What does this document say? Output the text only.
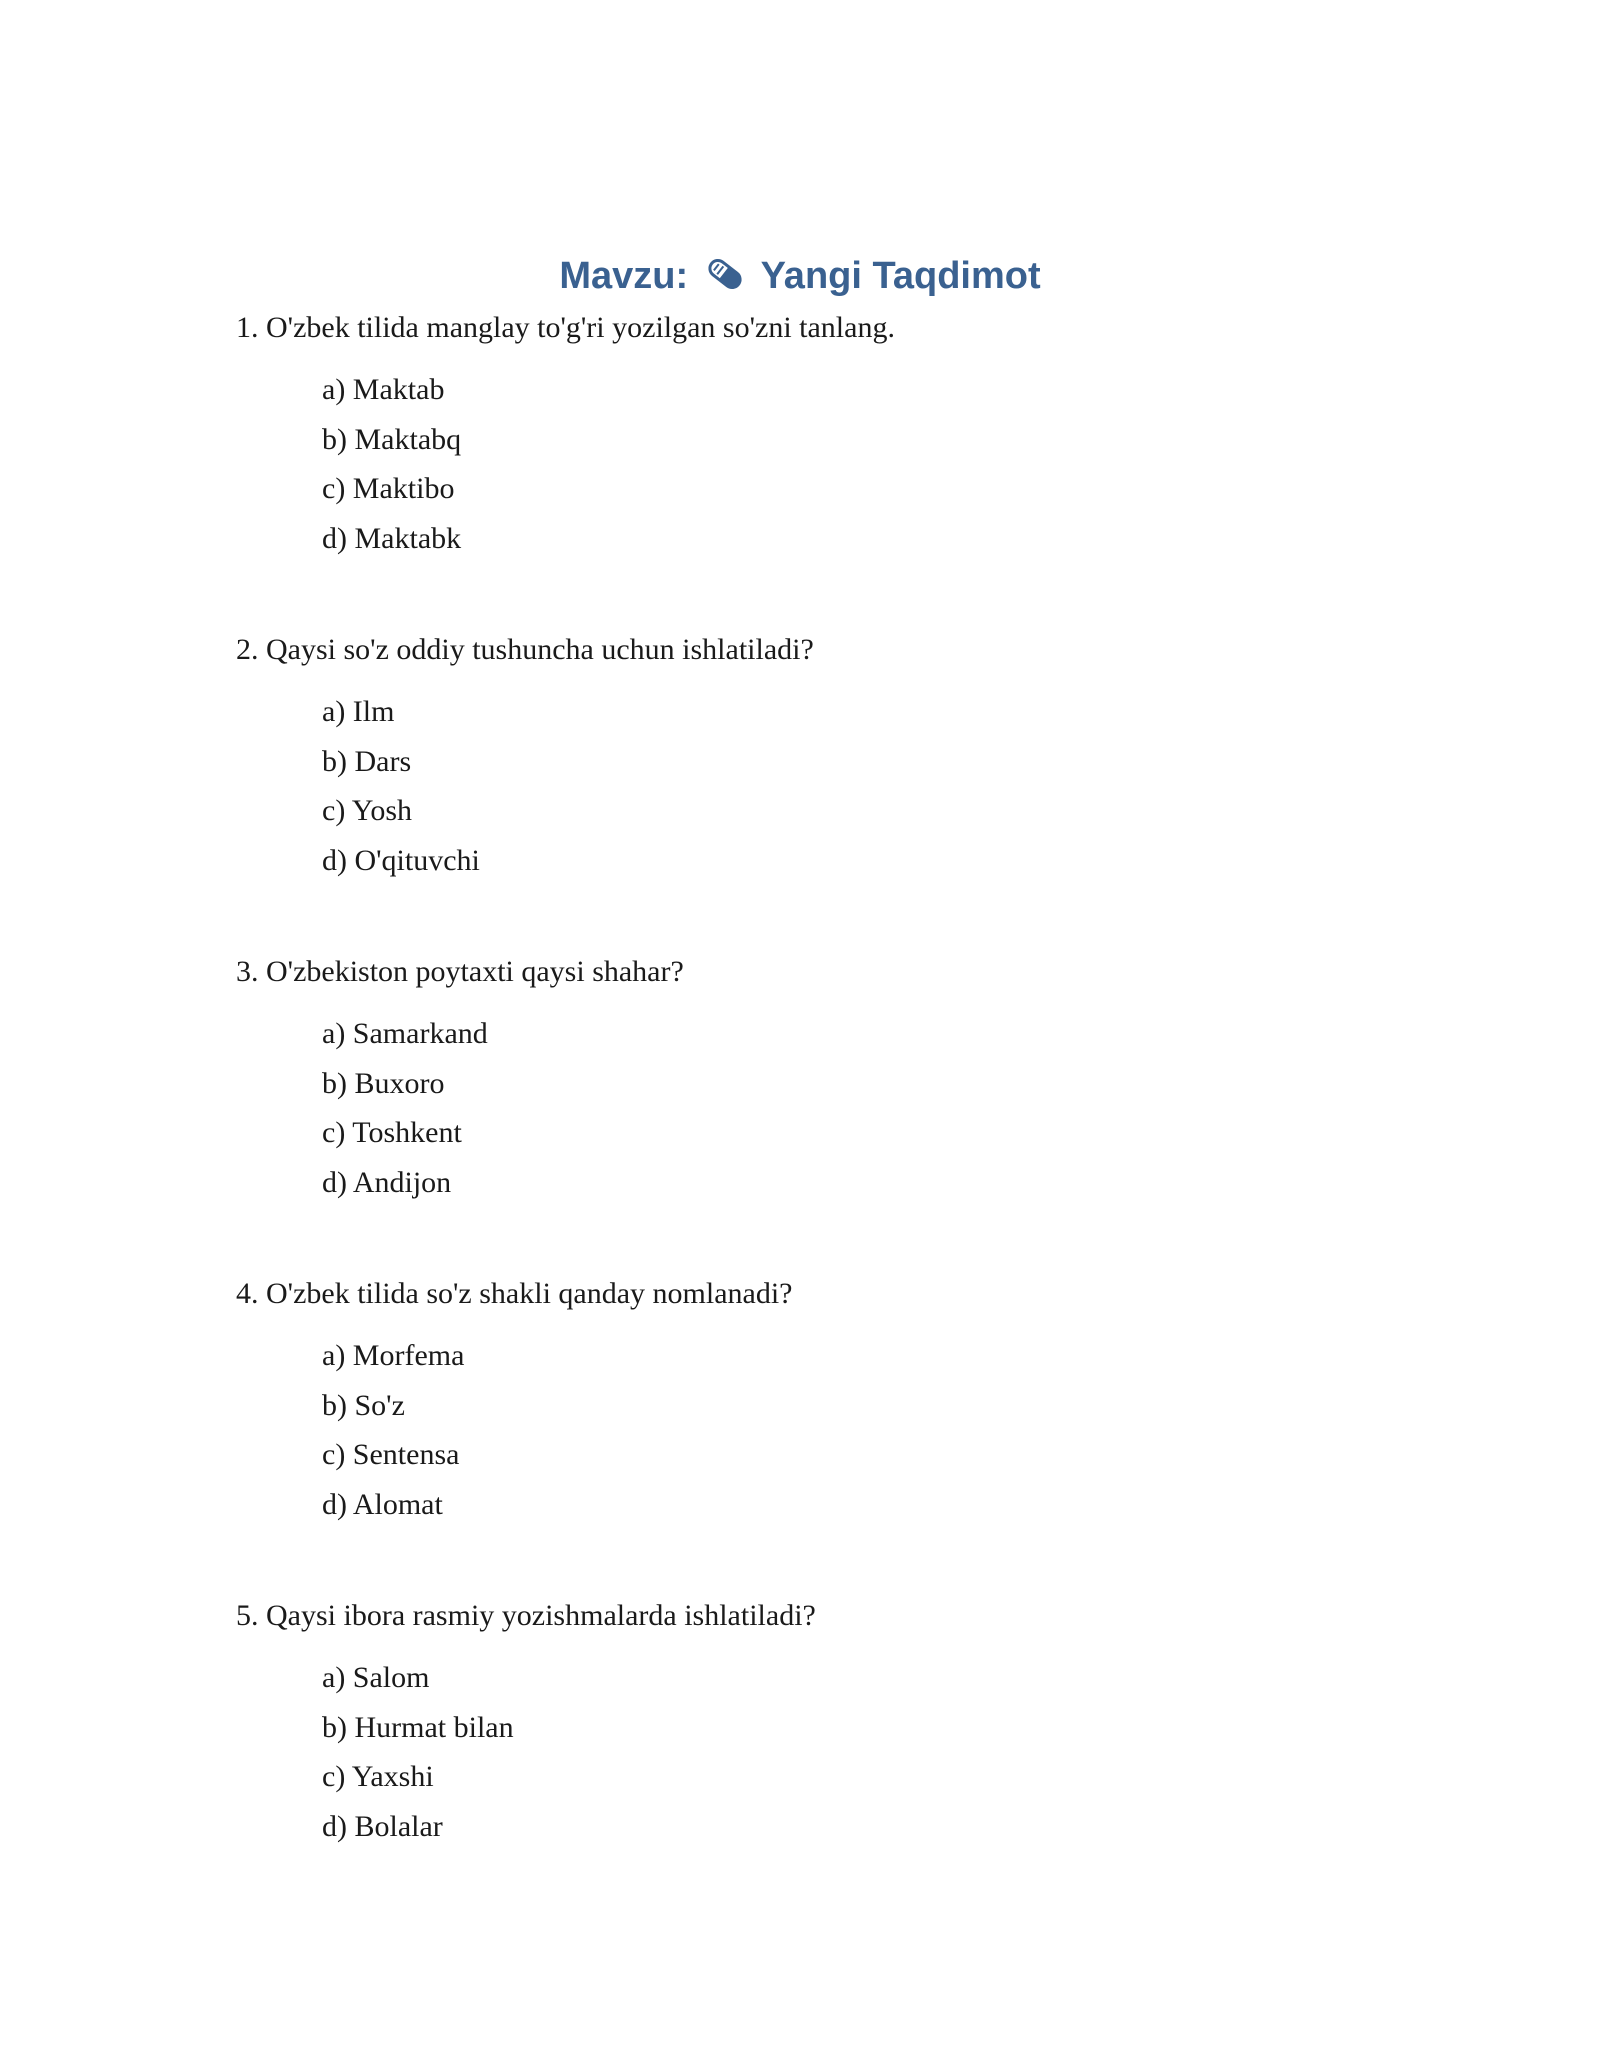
Mavzu: Yangi Taqdimot

1. O'zbek tilida manglay to'g'ri yozilgan so'zni tanlang.

a) Maktab
b) Maktabq
c) Maktibo
d) Maktabk

2. Qaysi so'z oddiy tushuncha uchun ishlatiladi?

a) Ilm
b) Dars
c) Yosh
d) O'qituvchi

3. O'zbekiston poytaxti qaysi shahar?

a) Samarkand
b) Buxoro
c) Toshkent
d) Andijon

4. O'zbek tilida so'z shakli qanday nomlanadi?

a) Morfema
b) So'z
c) Sentensa
d) Alomat

5. Qaysi ibora rasmiy yozishmalarda ishlatiladi?

a) Salom
b) Hurmat bilan
c) Yaxshi
d) Bolalar
